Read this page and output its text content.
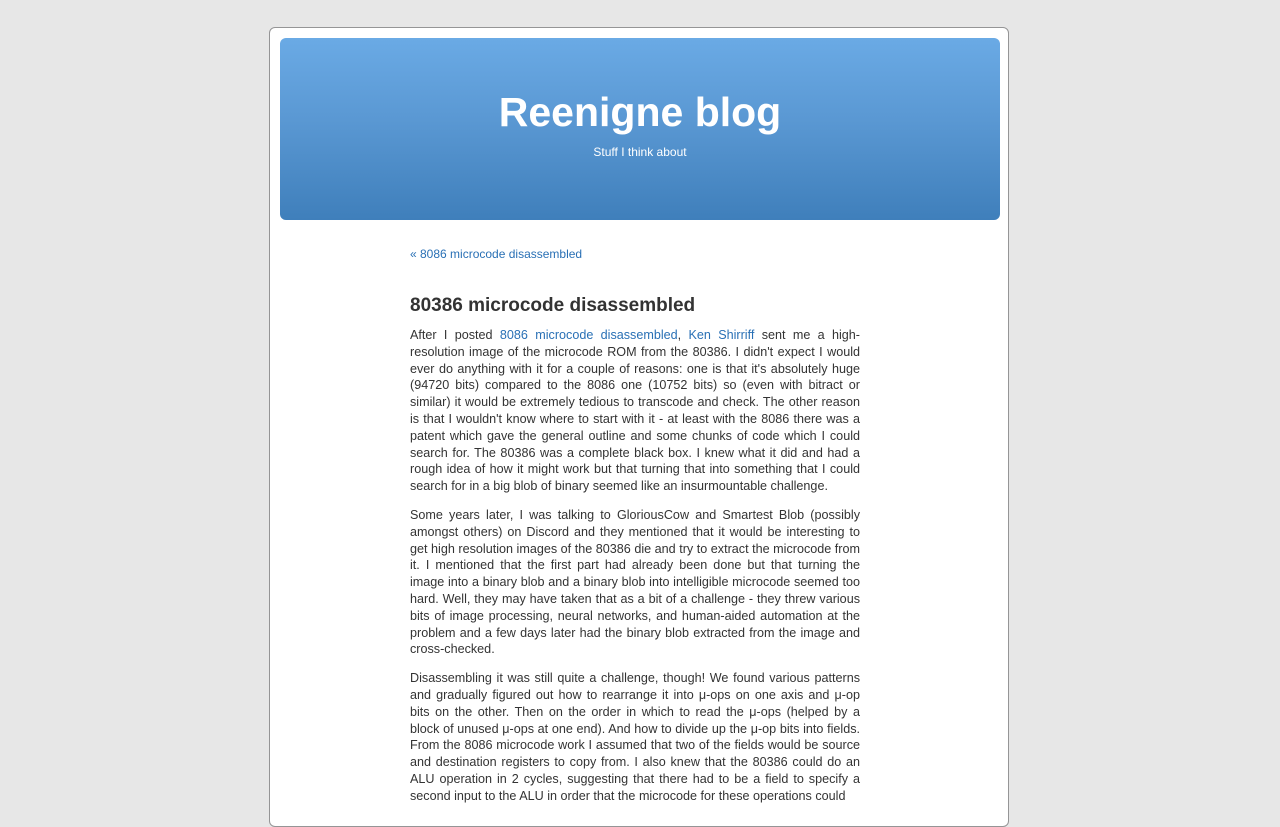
Reenigne blog
Stuff I think about
« 8086 microcode disassembled
80386 microcode disassembled

After I posted 8086 microcode disassembled, Ken Shirriff sent me a high-resolution image of the microcode ROM from the 80386. I didn't expect I would ever do anything with it for a couple of reasons: one is that it's absolutely huge (94720 bits) compared to the 8086 one (10752 bits) so (even with bitract or similar) it would be extremely tedious to transcode and check. The other reason is that I wouldn't know where to start with it - at least with the 8086 there was a patent which gave the general outline and some chunks of code which I could search for. The 80386 was a complete black box. I knew what it did and had a rough idea of how it might work but that turning that into something that I could search for in a big blob of binary seemed like an insurmountable challenge.

Some years later, I was talking to GloriousCow and Smartest Blob (possibly amongst others) on Discord and they mentioned that it would be interesting to get high resolution images of the 80386 die and try to extract the microcode from it. I mentioned that the first part had already been done but that turning the image into a binary blob and a binary blob into intelligible microcode seemed too hard. Well, they may have taken that as a bit of a challenge - they threw various bits of image processing, neural networks, and human-aided automation at the problem and a few days later had the binary blob extracted from the image and cross-checked.

Disassembling it was still quite a challenge, though! We found various patterns and gradually figured out how to rearrange it into μ-ops on one axis and μ-op bits on the other. Then on the order in which to read the μ-ops (helped by a block of unused μ-ops at one end). And how to divide up the μ-op bits into fields. From the 8086 microcode work I assumed that two of the fields would be source and destination registers to copy from. I also knew that the 80386 could do an ALU operation in 2 cycles, suggesting that there had to be a field to specify a second input to the ALU in order that the microcode for these operations could
